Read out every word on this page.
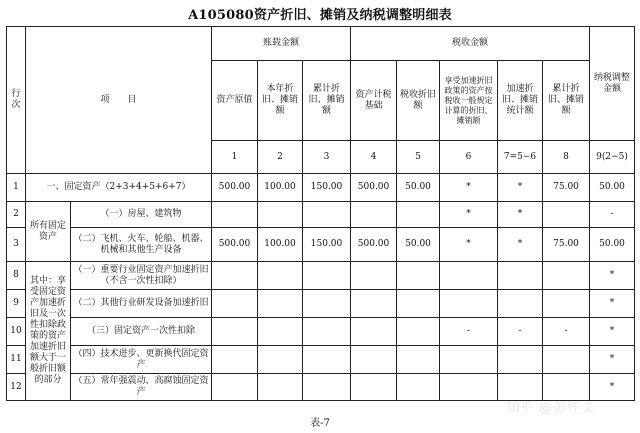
A105080资产折旧、摊销及纳税调整明细表
行次	项　　目		账载金额			税收金额					纳税调整金额
			资产原值	本年折旧、摊销额	累计折旧、摊销额	资产计税基础	税收折旧额	享受加速折旧政策的资产按税收一般规定计算的折旧、摊销额	加速折旧、摊销统计额	累计折旧、摊销额	
			1	2	3	4	5	6	7=5−6	8	9(2−5)
1	一、固定资产（2+3+4+5+6+7）		500.00	100.00	150.00	500.00	50.00	*	*	75.00	50.00
2	所有固定资产	（一）房屋、建筑物						*	*		-
3		（二）飞机、火车、轮船、机器、机械和其他生产设备	500.00	100.00	150.00	500.00	50.00	*	*	75.00	50.00
8	其中：享受固定资产加速折旧及一次性扣除政策的资产加速折旧额大于一般折旧额的部分	（一）重要行业固定资产加速折旧（不含一次性扣除）									*
9		（二）其他行业研发设备加速折旧									*
10		（三）固定资产一次性扣除						-	-	-	*
11		（四）技术进步、更新换代固定资产									*
12		（五）常年强震动、高腐蚀固定资产									*
知乎 @彭怀文
表-7
